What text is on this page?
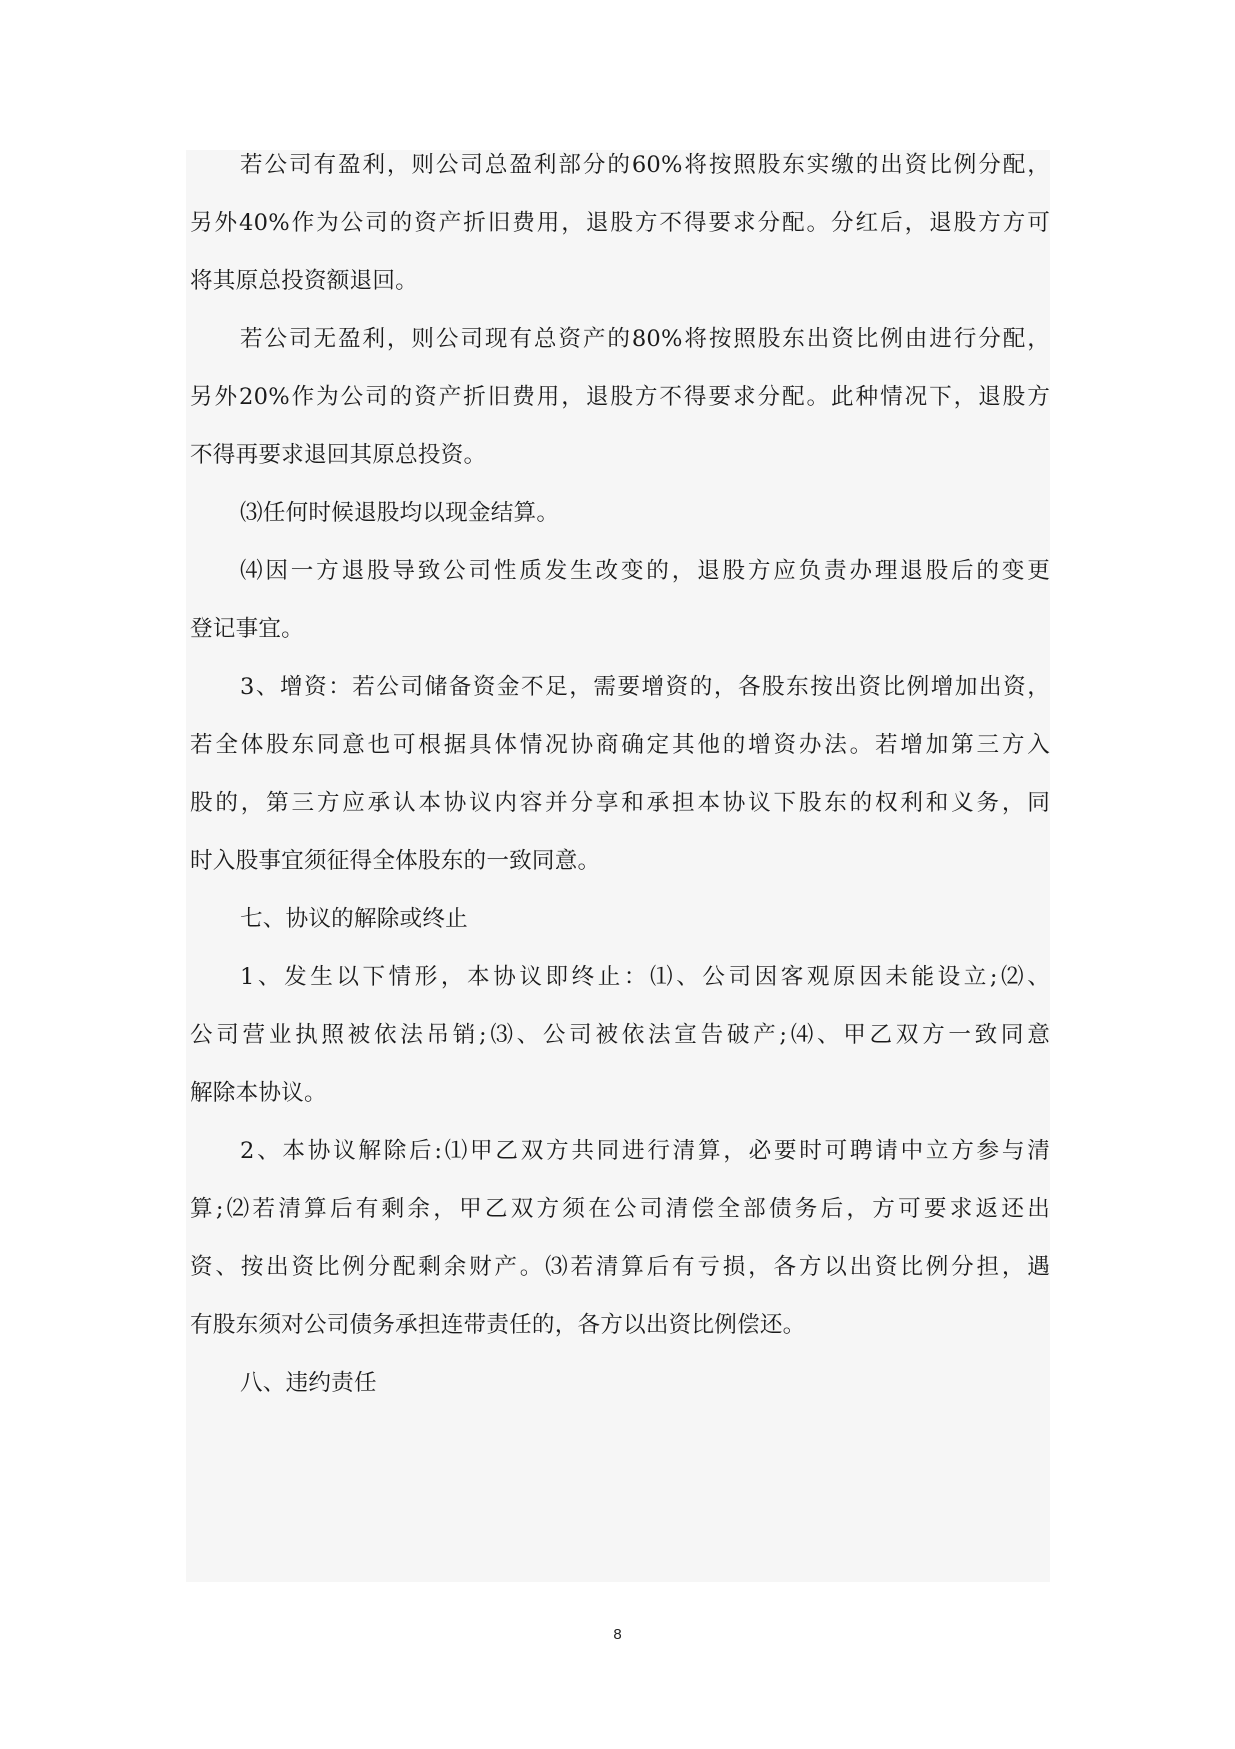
若公司有盈利，则公司总盈利部分的60%将按照股东实缴的出资比例分配，
另外40%作为公司的资产折旧费用，退股方不得要求分配。分红后，退股方方可
将其原总投资额退回。
若公司无盈利，则公司现有总资产的80%将按照股东出资比例由进行分配，
另外20%作为公司的资产折旧费用，退股方不得要求分配。此种情况下，退股方
不得再要求退回其原总投资。
⑶任何时候退股均以现金结算。
⑷因一方退股导致公司性质发生改变的，退股方应负责办理退股后的变更
登记事宜。
3、增资：若公司储备资金不足，需要增资的，各股东按出资比例增加出资，
若全体股东同意也可根据具体情况协商确定其他的增资办法。若增加第三方入
股的，第三方应承认本协议内容并分享和承担本协议下股东的权利和义务，同
时入股事宜须征得全体股东的一致同意。
七、协议的解除或终止
1、发生以下情形，本协议即终止：⑴、公司因客观原因未能设立;⑵、
公司营业执照被依法吊销;⑶、公司被依法宣告破产;⑷、甲乙双方一致同意
解除本协议。
2、本协议解除后:⑴甲乙双方共同进行清算，必要时可聘请中立方参与清
算;⑵若清算后有剩余，甲乙双方须在公司清偿全部债务后，方可要求返还出
资、按出资比例分配剩余财产。⑶若清算后有亏损，各方以出资比例分担，遇
有股东须对公司债务承担连带责任的，各方以出资比例偿还。
八、违约责任
8
